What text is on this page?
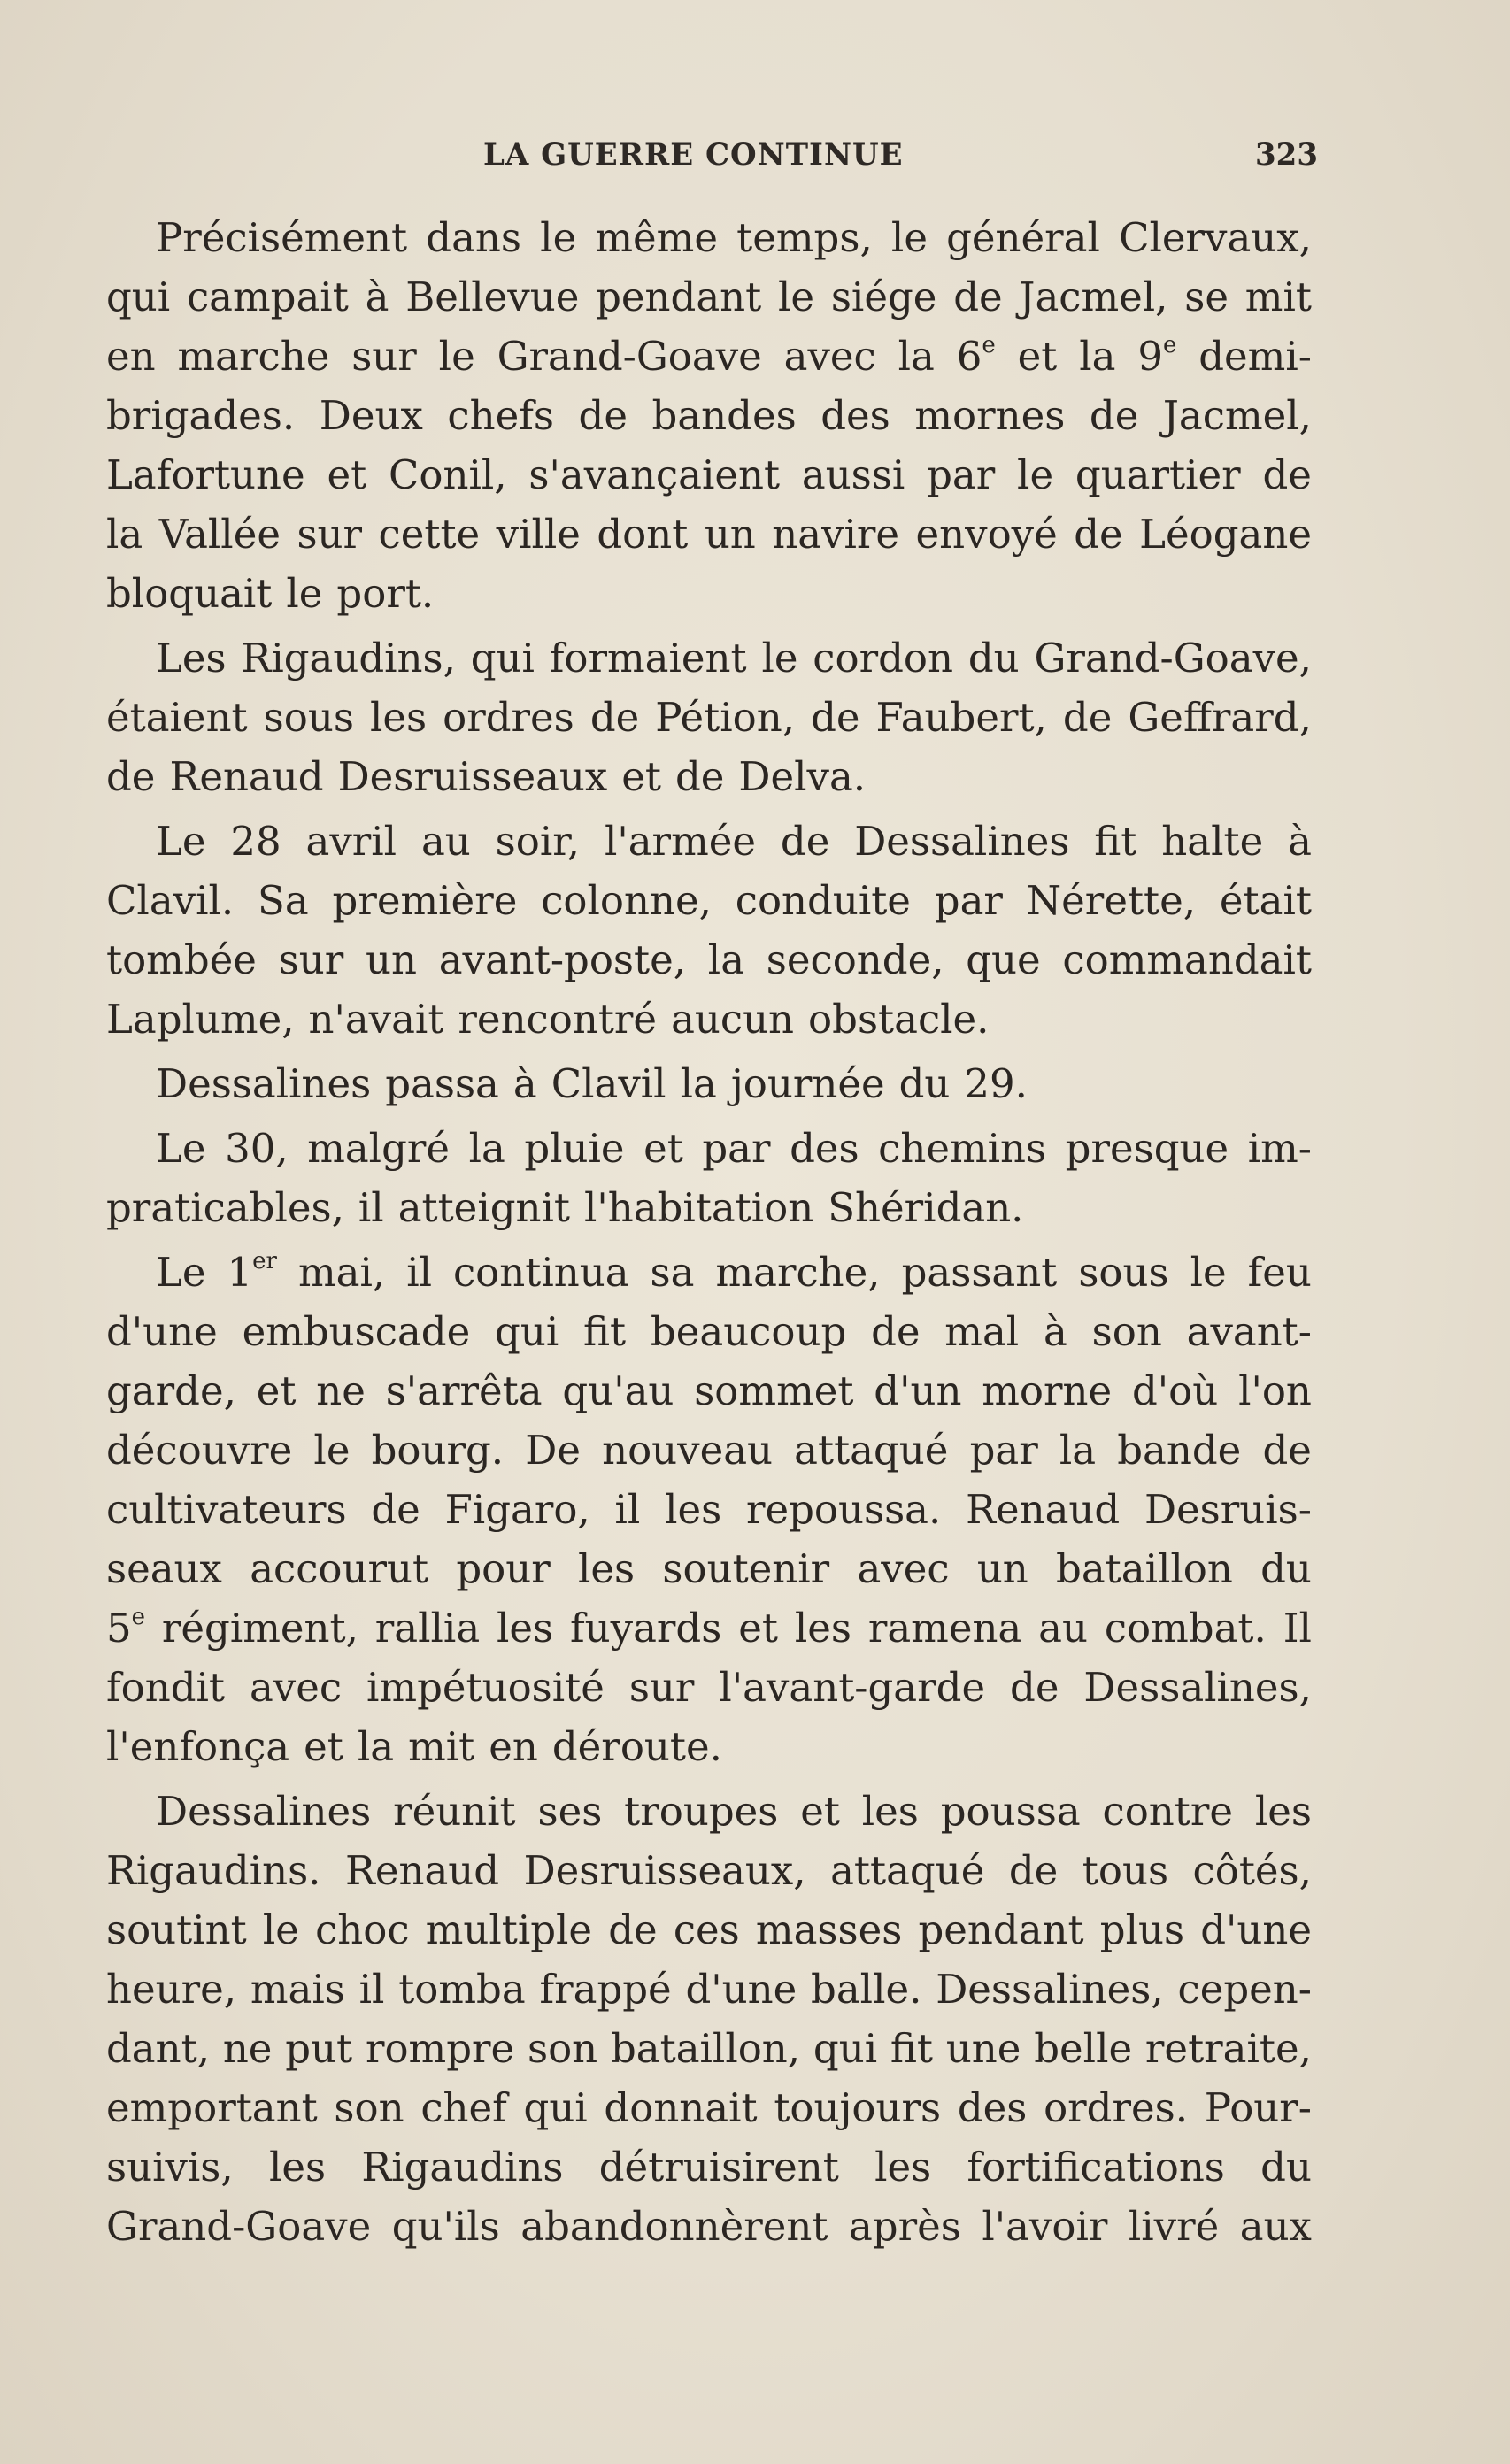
LA GUERRE CONTINUE	323
Précisément dans le même temps, le général Clervaux,
qui campait à Bellevue pendant le siége de Jacmel, se mit
en marche sur le Grand-Goave avec la 6e et la 9e demi-
brigades. Deux chefs de bandes des mornes de Jacmel,
Lafortune et Conil, s'avançaient aussi par le quartier de
la Vallée sur cette ville dont un navire envoyé de Léogane
bloquait le port.
Les Rigaudins, qui formaient le cordon du Grand-Goave,
étaient sous les ordres de Pétion, de Faubert, de Geffrard,
de Renaud Desruisseaux et de Delva.
Le 28 avril au soir, l'armée de Dessalines fit halte à
Clavil. Sa première colonne, conduite par Nérette, était
tombée sur un avant-poste, la seconde, que commandait
Laplume, n'avait rencontré aucun obstacle.
Dessalines passa à Clavil la journée du 29.
Le 30, malgré la pluie et par des chemins presque im-
praticables, il atteignit l'habitation Shéridan.
Le 1er mai, il continua sa marche, passant sous le feu
d'une embuscade qui fit beaucoup de mal à son avant-
garde, et ne s'arrêta qu'au sommet d'un morne d'où l'on
découvre le bourg. De nouveau attaqué par la bande de
cultivateurs de Figaro, il les repoussa. Renaud Desruis-
seaux accourut pour les soutenir avec un bataillon du
5e régiment, rallia les fuyards et les ramena au combat. Il
fondit avec impétuosité sur l'avant-garde de Dessalines,
l'enfonça et la mit en déroute.
Dessalines réunit ses troupes et les poussa contre les
Rigaudins. Renaud Desruisseaux, attaqué de tous côtés,
soutint le choc multiple de ces masses pendant plus d'une
heure, mais il tomba frappé d'une balle. Dessalines, cepen-
dant, ne put rompre son bataillon, qui fit une belle retraite,
emportant son chef qui donnait toujours des ordres. Pour-
suivis, les Rigaudins détruisirent les fortifications du
Grand-Goave qu'ils abandonnèrent après l'avoir livré aux
